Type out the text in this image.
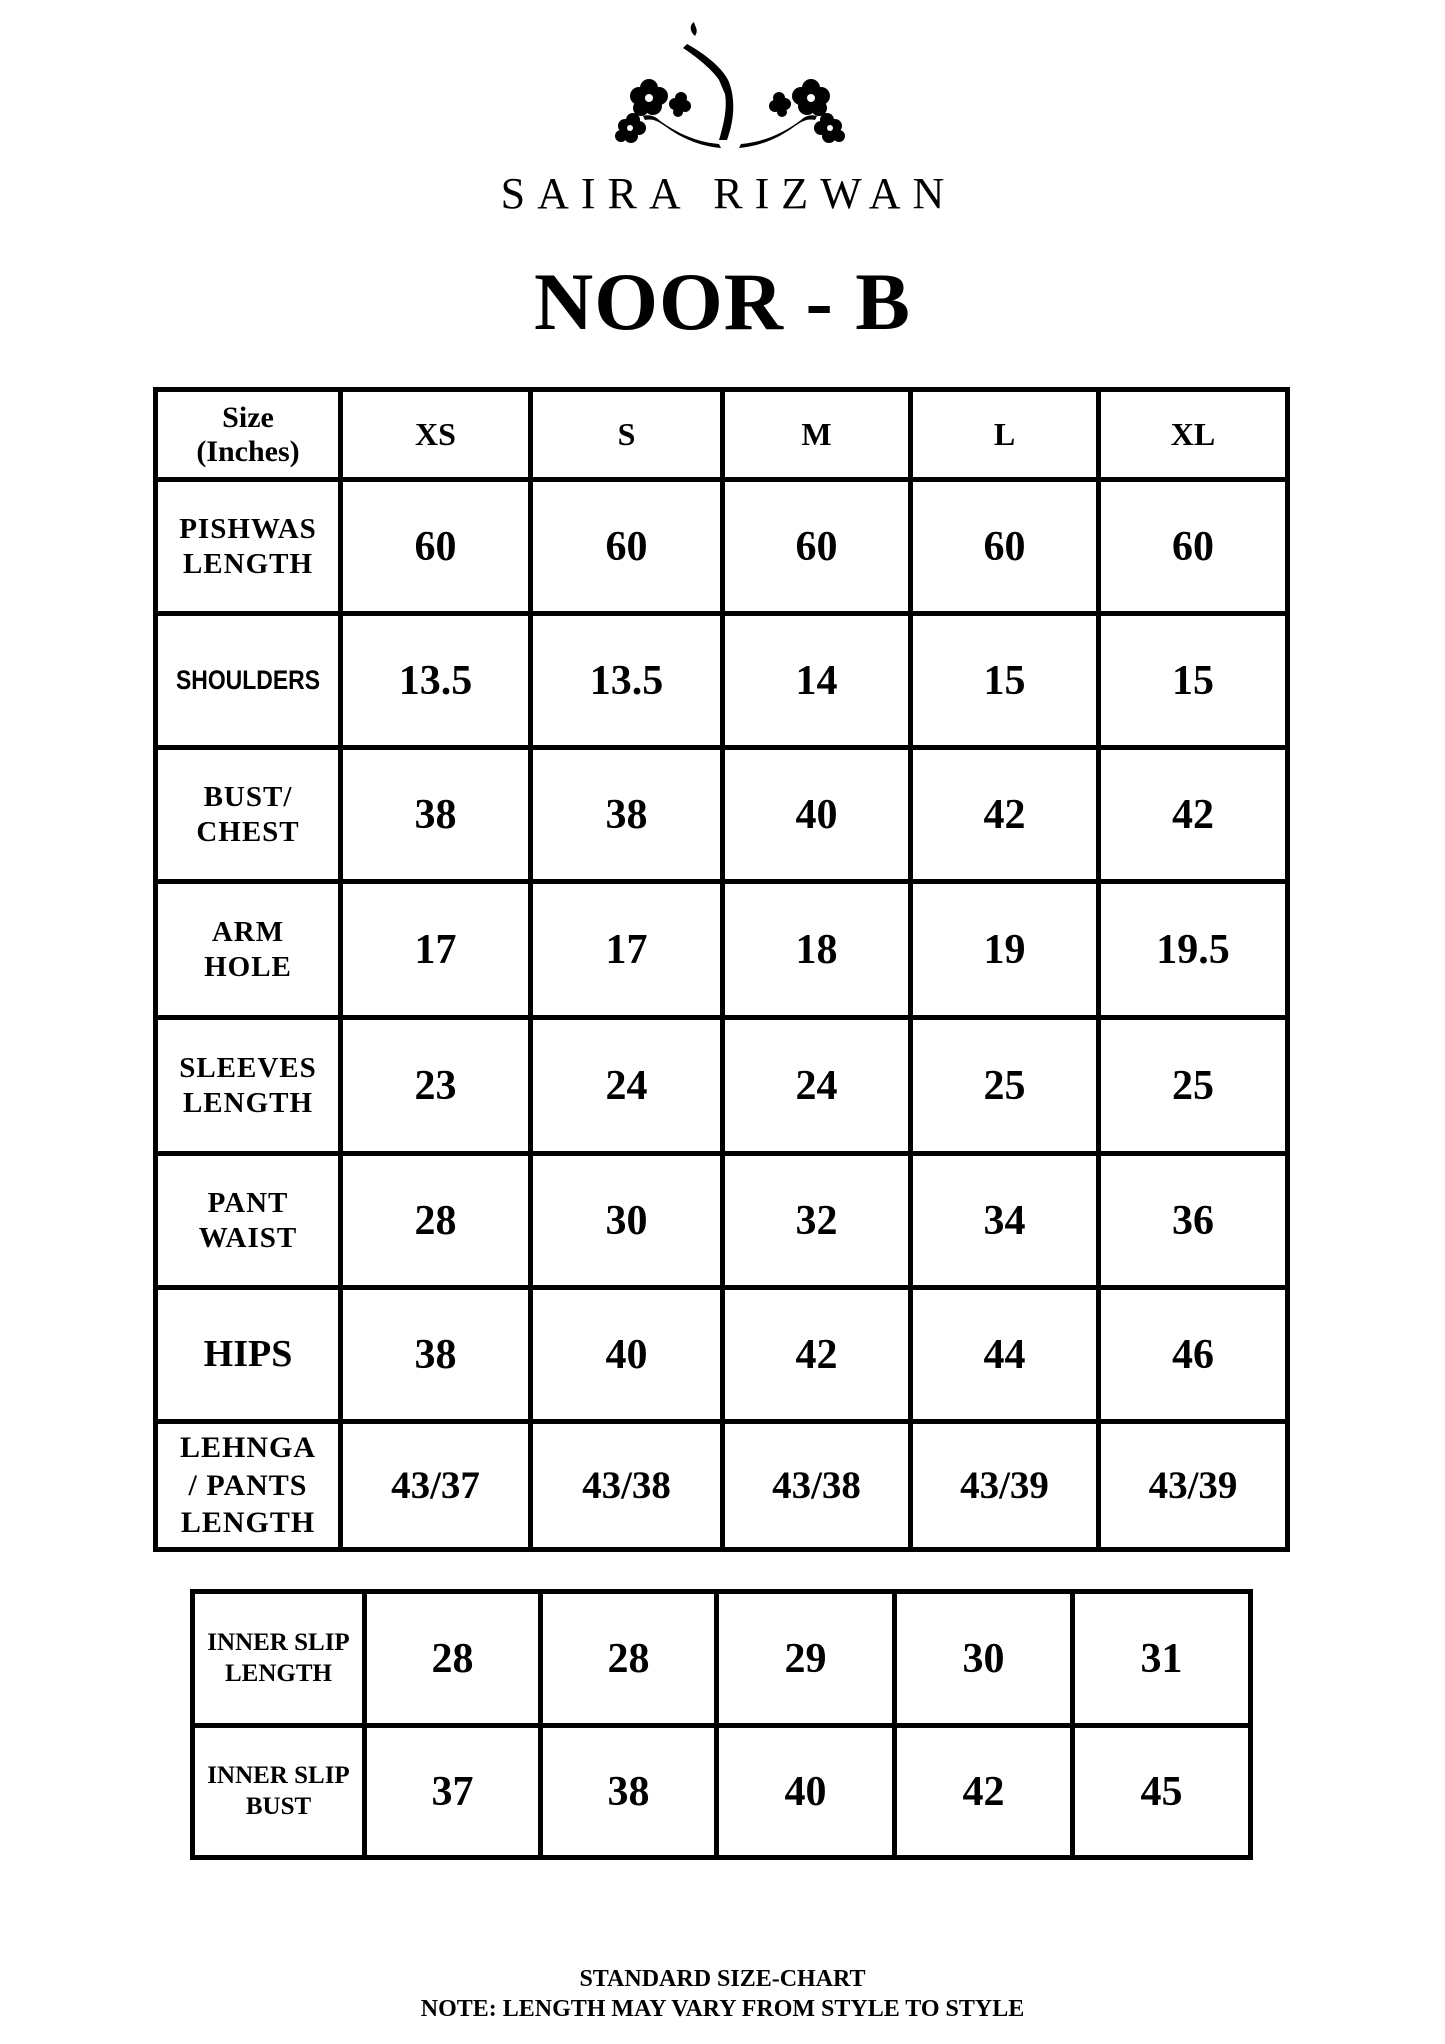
SAIRA RIZWAN
NOOR - B
Size
(Inches)	XS	S	M	L	XL
PISHWAS
LENGTH	60	60	60	60	60

SHOULDERS	13.5	13.5	14	15	15
BUST/
CHEST	38	38	40	42	42
ARM
HOLE	17	17	18	19	19.5
SLEEVES
LENGTH	23	24	24	25	25
PANT
WAIST	28	30	32	34	36

HIPS	38	40	42	44	46
LEHNGA
/ PANTS
LENGTH	43/37	43/38	43/38	43/39	43/39
INNER SLIP
LENGTH	28	28	29	30	31
INNER SLIP
BUST	37	38	40	42	45
STANDARD SIZE-CHART
NOTE: LENGTH MAY VARY FROM STYLE TO STYLE
